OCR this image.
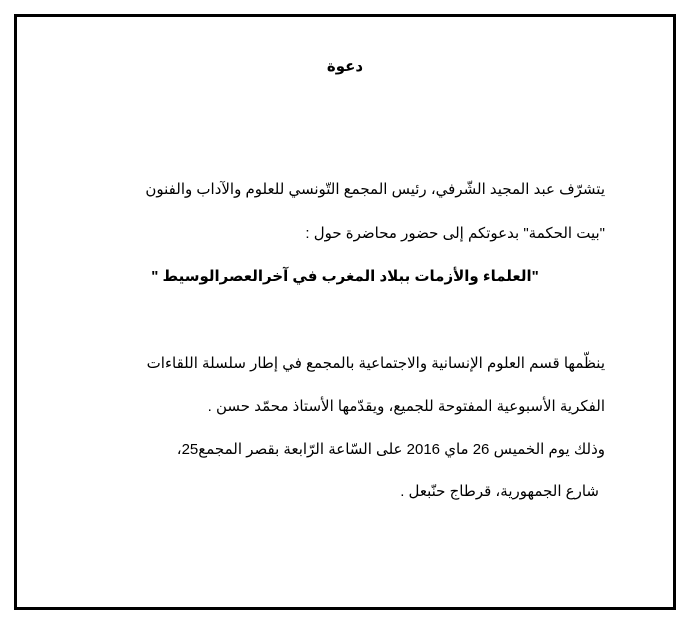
دعوة
يتشرّف عبد المجيد الشّرفي، رئيس المجمع التّونسي للعلوم والآداب والفنون
"بيت الحكمة" بدعوتكم إلى حضور محاضرة حول :
"العلماء والأزمات ببلاد المغرب في آخرالعصرالوسيط "
ينظّمها قسم العلوم الإنسانية والاجتماعية بالمجمع في إطار سلسلة اللقاءات
الفكرية الأسبوعية المفتوحة للجميع، ويقدّمها الأستاذ محمّد حسن .
وذلك يوم الخميس 26 ماي 2016 على السّاعة الرّابعة بقصر المجمع25،
شارع الجمهورية، قرطاج حنّبعل .
